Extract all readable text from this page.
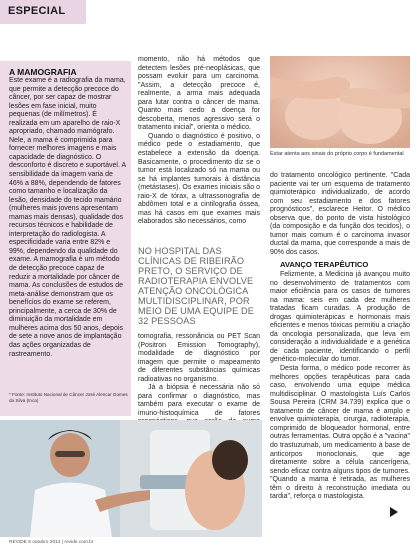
ESPECIAL
A MAMOGRAFIA
Este exame é a radiografia da mama, que permite a detecção precoce do câncer, por ser capaz de mostrar lesões em fase inicial, muito pequenas (de milímetros). É realizada em um aparelho de raio-X apropriado, chamado mamógrafo. Nele, a mama é comprimida para fornecer melhores imagens e mais capacidade de diagnóstico. O desconforto é discreto e suportável. A sensibilidade da imagem varia de 46% a 88%, dependendo de fatores como tamanho e localização da lesão, densidade do tecido mamário (mulheres mais jovens apresentam mamas mais densas), qualidade dos recursos técnicos e habilidade de interpretação do radiologista. A especificidade varia entre 82% e 99%, dependendo da qualidade do exame. A mamografia é um método de detecção precoce capaz de reduzir a mortalidade por câncer de mama. As conclusões de estudos de meta-análise demonstram que os benefícios do exame se referem, principalmente, a cerca de 30% de diminuição da mortalidade em mulheres acima dos 50 anos, depois de sete a nove anos de implantação das ações organizadas de rastreamento.
* Fonte: Instituto Nacional de Câncer José Alencar Gomes da Silva (Inca)

momento, não há métodos que detectem lesões pré-neoplásicas, que possam evoluir para um carcinoma. "Assim, a detecção precoce é, realmente, a arma mais adequada para lutar contra o câncer de mama. Quanto mais cedo a doença for descoberta, menos agressivo será o tratamento inicial", orienta o médico.

Quando o diagnóstico é positivo, o médico pede o estadiamento, que estabelece a extensão da doença. Basicamente, o procedimento diz se o tumor está localizado só na mama ou se há implantes tumorais à distância (metástases). Os exames iniciais são o raio-X de tórax, a ultrassonografia de abdômen total e a cintilografia óssea, mas há casos em que exames mais elaborados são necessários, como

NO HOSPITAL DAS CLÍNICAS DE RIBEIRÃO PRETO, O SERVIÇO DE RADIOTERAPIA ENVOLVE ATENÇÃO ONCOLÓGICA MULTIDISCIPLINAR, POR MEIO DE UMA EQUIPE DE 32 PESSOAS

tomografia, ressonância ou PET Scan (Positron Emission Tomography), modalidade de diagnóstico por imagem que permite o mapeamento de diferentes substâncias químicas radioativas no organismo.

Já a biópsia é necessária não só para confirmar o diagnóstico, mas também para executar o exame de imuno-histoquímica de fatores

Estar atenta aos sinais do próprio corpo é fundamental

do tratamento oncológico pertinente. "Cada paciente vai ter um esquema de tratamento quimioterápico individualizado, de acordo com seu estadiamento e dos fatores prognósticos", esclarece Heitor. O médico observa que, do ponto de vista histológico (da composição e da função dos tecidos), o tumor mais comum é o carcinoma invasor ductal da mama, que corresponde a mais de 90% dos casos.

AVANÇO TERAPÊUTICO

Felizmente, a Medicina já avançou muito no desenvolvimento de tratamentos com maior eficiência para os casos de tumores na mama: seis em cada dez mulheres tratadas ficam curadas. A produção de drogas quimioterápicas e hormonais mais eficientes e menos tóxicas permitiu a criação da oncologia personalizada, que leva em consideração a individualidade e a genética de cada paciente, identificando o perfil genético-molecular do tumor.

Desta forma, o médico pode recorrer às melhores opções terapêuticas para cada caso, envolvendo uma equipe médica multidisciplinar. O mastologista Luís Carlos Sousa Pereira (CRM 34.739) explica que o tratamento de câncer de mama é amplo e envolve quimioterapia, cirurgia, radioterapia, comprimido de bloqueador hormonal, entre outras ferramentas. Outra opção é a "vacina" do trastuzumab, um medicamento à base de anticorpos monoclonais, que age diretamente sobre a célula cancerígena, sendo eficaz contra alguns tipos de tumores. "Quando a mama é retirada, as mulheres têm o direito à reconstrução imediata ou tardia", reforça o mastologista.

REVIDE 6 outubro 2014 | revide.com.br
